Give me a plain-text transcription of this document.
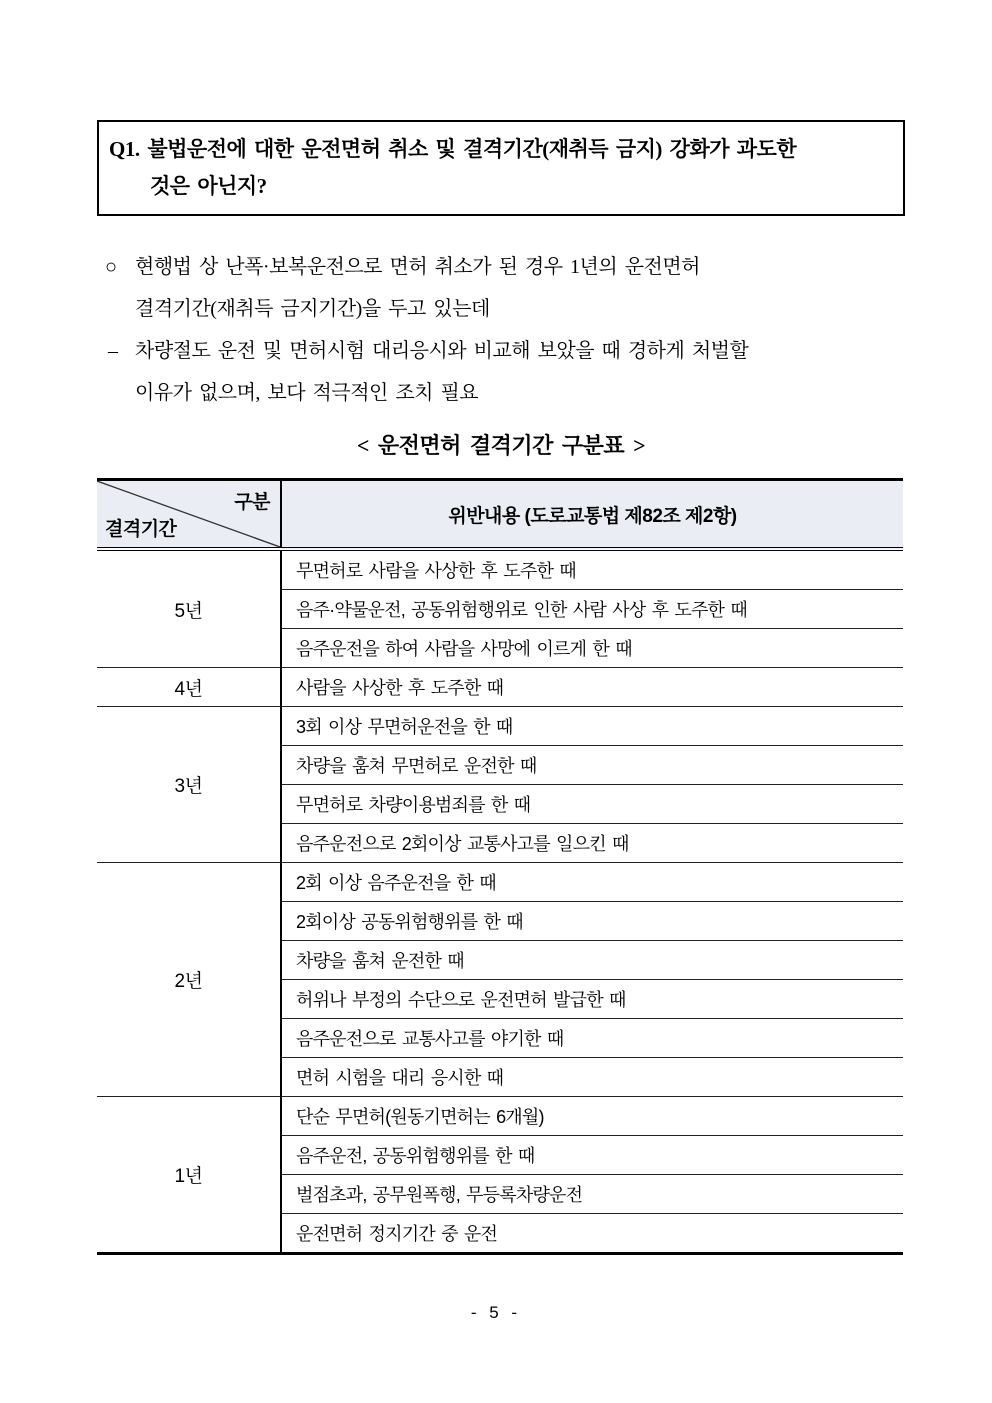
Q1. 불법운전에 대한 운전면허 취소 및 결격기간(재취득 금지) 강화가 과도한
것은 아닌지?
○ 현행법 상 난폭·보복운전으로 면허 취소가 된 경우 1년의 운전면허
결격기간(재취득 금지기간)을 두고 있는데
– 차량절도 운전 및 면허시험 대리응시와 비교해 보았을 때 경하게 처벌할
이유가 없으며, 보다 적극적인 조치 필요
< 운전면허 결격기간 구분표 >
구분
결격기간	위반내용 (도로교통법 제82조 제2항)
5년	무면허로 사람을 사상한 후 도주한 때
	음주·약물운전, 공동위험행위로 인한 사람 사상 후 도주한 때
	음주운전을 하여 사람을 사망에 이르게 한 때
4년	사람을 사상한 후 도주한 때
3년	3회 이상 무면허운전을 한 때
	차량을 훔쳐 무면허로 운전한 때
	무면허로 차량이용범죄를 한 때
	음주운전으로 2회이상 교통사고를 일으킨 때
2년	2회 이상 음주운전을 한 때
	2회이상 공동위험행위를 한 때
	차량을 훔쳐 운전한 때
	허위나 부정의 수단으로 운전면허 발급한 때
	음주운전으로 교통사고를 야기한 때
	면허 시험을 대리 응시한 때
1년	단순 무면허(원동기면허는 6개월)
	음주운전, 공동위험행위를 한 때
	벌점초과, 공무원폭행, 무등록차량운전
	운전면허 정지기간 중 운전
- 5 -
